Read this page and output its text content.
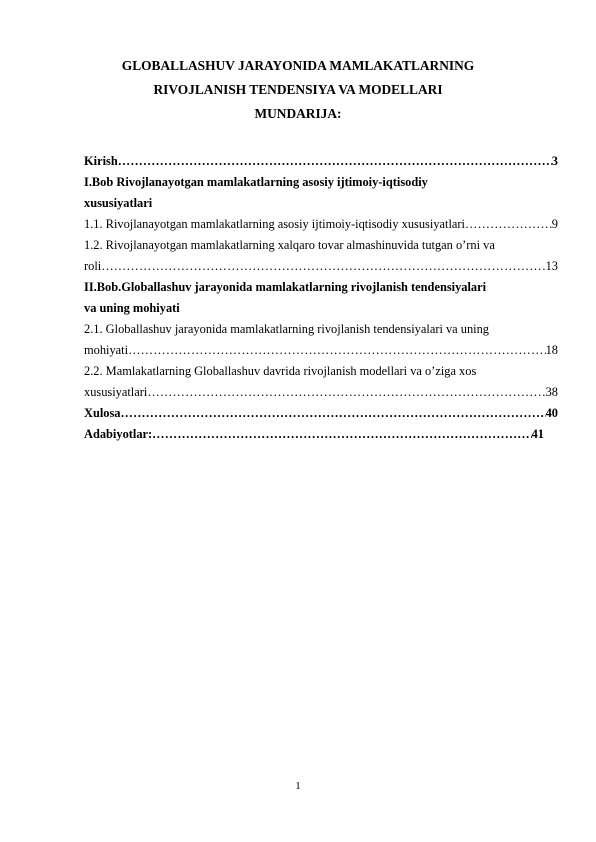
GLOBALLASHUV JARAYONIDA MAMLAKATLARNING
RIVOJLANISH TENDENSIYA VA MODELLARI
MUNDARIJA:
Kirish ………………………………………………………………………………………………………………………………………………………………	3
I.Bob Rivojlanayotgan mamlakatlarning asosiy ijtimoiy-iqtisodiy
xususiyatlari
1.1. Rivojlanayotgan mamlakatlarning asosiy ijtimoiy-iqtisodiy xususiyatlari ………………………………………………………………………………………………………………………………………………………………	9
1.2. Rivojlanayotgan mamlakatlarning xalqaro tovar almashinuvida tutgan o’rni va
roli ………………………………………………………………………………………………………………………………………………………………	13
II.Bob.Globallashuv jarayonida mamlakatlarning rivojlanish tendensiyalari
va uning mohiyati
2.1. Globallashuv jarayonida mamlakatlarning rivojlanish tendensiyalari va uning
mohiyati ………………………………………………………………………………………………………………………………………………………………	18
2.2. Mamlakatlarning Globallashuv davrida rivojlanish modellari va o’ziga xos
xususiyatlari ………………………………………………………………………………………………………………………………………………………………	38
Xulosa ………………………………………………………………………………………………………………………………………………………………	40
Adabiyotlar: ………………………………………………………………………………………………………………………………………………………………	41
1
